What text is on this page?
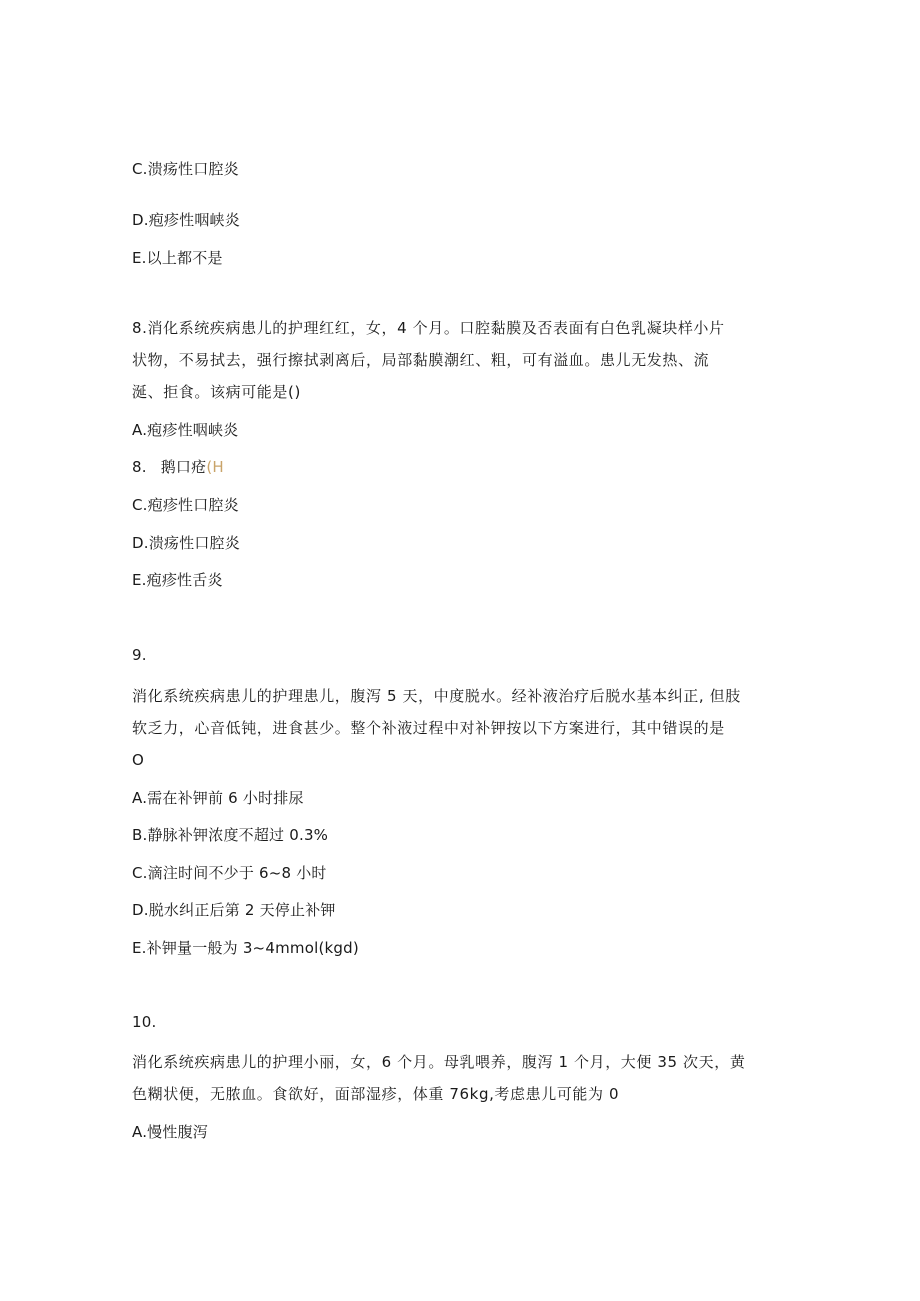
C.溃疡性口腔炎
D.疱疹性咽峡炎
E.以上都不是
8.消化系统疾病患儿的护理红红，女，4 个月。口腔黏膜及否表面有白色乳凝块样小片
状物，不易拭去，强行擦拭剥离后，局部黏膜潮红、粗，可有溢血。患儿无发热、流
涎、拒食。该病可能是()
A.疱疹性咽峡炎
8. 鹅口疮(H
C.疱疹性口腔炎
D.溃疡性口腔炎
E.疱疹性舌炎
9.
消化系统疾病患儿的护理患儿，腹泻 5 天，中度脱水。经补液治疗后脱水基本纠正, 但肢
软乏力，心音低钝，进食甚少。整个补液过程中对补钾按以下方案进行，其中错误的是
O
A.需在补钾前 6 小时排尿
B.静脉补钾浓度不超过 0.3%
C.滴注时间不少于 6~8 小时
D.脱水纠正后第 2 天停止补钾
E.补钾量一般为 3~4mmol(kgd)
10.
消化系统疾病患儿的护理小丽，女，6 个月。母乳喂养，腹泻 1 个月，大便 35 次天，黄
色糊状便，无脓血。食欲好，面部湿疹，体重 76kg,考虑患儿可能为 0
A.慢性腹泻
